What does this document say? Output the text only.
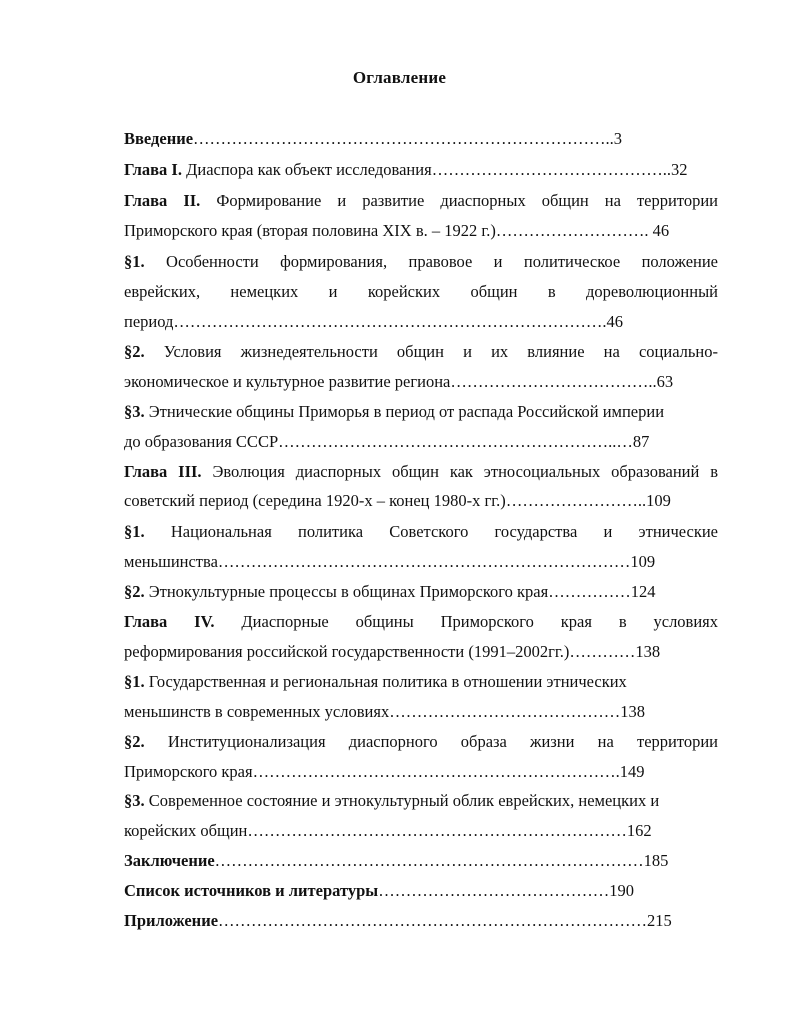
Оглавление
Введение…………………………………………………………………..3
Глава I. Диаспора как объект исследования……………………………………..32
Глава II. Формирование и развитие диаспорных общин на территории
Приморского края (вторая половина XIX в. – 1922 г.)………………………. 46
§1. Особенности формирования, правовое и политическое положение
еврейских, немецких и корейских общин в дореволюционный
период…………………………………………………………………….46
§2. Условия жизнедеятельности общин и их влияние на социально-
экономическое и культурное развитие региона………………………………..63
§3. Этнические общины Приморья в период от распада Российской империи
до образования СССР……………………………………………………..…87
Глава III. Эволюция диаспорных общин как этносоциальных образований в
советский период (середина 1920-х – конец 1980-х гг.)……………………..109
§1. Национальная политика Советского государства и этнические
меньшинства…………………………………………………………………109
§2. Этнокультурные процессы в общинах Приморского края……………124
Глава IV. Диаспорные общины Приморского края в условиях
реформирования российской государственности (1991–2002гг.)…………138
§1. Государственная и региональная политика в отношении этнических
меньшинств в современных условиях……………………………………138
§2. Институционализация диаспорного образа жизни на территории
Приморского края………………………………………………………….149
§3. Современное состояние и этнокультурный облик еврейских, немецких и
корейских общин……………………………………………………………162
Заключение……………………………………………………………………185
Список источников и литературы……………………………………190
Приложение……………………………………………………………………215
